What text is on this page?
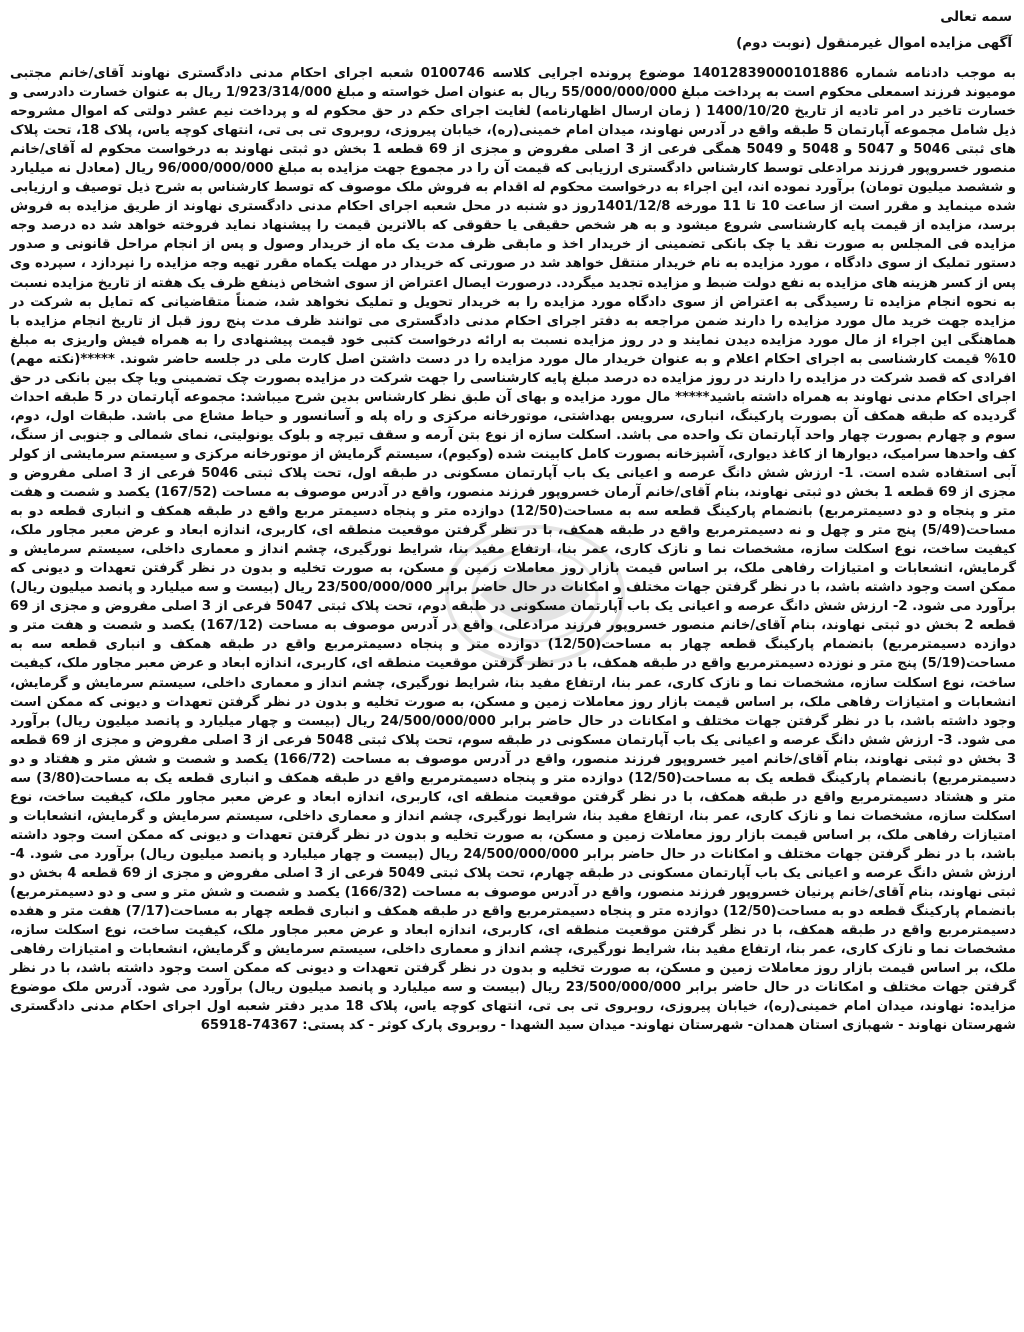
سمه تعالی
آگهی مزایده اموال غیرمنقول (نوبت دوم)

به موجب دادنامه شماره 14012839000101886 موضوع پرونده اجرایی کلاسه 0100746 شعبه اجرای احکام مدنی دادگستری نهاوند آقای/خانم مجتبی مومیوند فرزند اسمعلی محکوم است به پرداخت مبلغ 55/000/000/000 ریال به عنوان اصل خواسته و مبلغ 1/923/314/000 ریال به عنوان خسارت دادرسی و خسارت تاخیر در امر تادیه از تاریخ 1400/10/20 ( زمان ارسال اظهارنامه) لغایت اجرای حکم در حق محکوم له و پرداخت نیم عشر دولتی که اموال مشروحه ذیل شامل مجموعه آپارتمان 5 طبقه واقع در آدرس نهاوند، میدان امام خمینی(ره)، خیابان پیروزی، روبروی تی بی تی، انتهای کوچه یاس، پلاک 18، تحت پلاک های ثبتی 5046 و 5047 و 5048 و 5049 همگی فرعی از 3 اصلی مفروض و مجزی از 69 قطعه 1 بخش دو ثبتی نهاوند به درخواست محکوم له آقای/خانم منصور خسروپور فرزند مرادعلی توسط کارشناس دادگستری ارزیابی که قیمت آن را در مجموع جهت مزایده به مبلغ 96/000/000/000 ریال (معادل نه میلیارد و ششصد میلیون تومان) برآورد نموده اند، این اجراء به درخواست محکوم له اقدام به فروش ملک موصوف که توسط کارشناس به شرح ذیل توصیف و ارزیابی شده مینماید و مقرر است از ساعت 10 تا 11 مورخه 1401/12/8روز دو شنبه در محل شعبه اجرای احکام مدنی دادگستری نهاوند از طریق مزایده به فروش برسد، مزایده از قیمت پایه کارشناسی شروع میشود و به هر شخص حقیقی یا حقوقی که بالاترین قیمت را پیشنهاد نماید فروخته خواهد شد ده درصد وجه مزایده فی المجلس به صورت نقد یا چک بانکی تضمینی از خریدار اخذ و مابقی ظرف مدت یک ماه از خریدار وصول و پس از انجام مراحل قانونی و صدور دستور تملیک از سوی دادگاه ، مورد مزایده به نام خریدار منتقل خواهد شد در صورتی که خریدار در مهلت یکماه مقرر تهیه وجه مزایده را نپردازد ، سپرده وی پس از کسر هزینه های مزایده به نفع دولت ضبط و مزایده تجدید میگردد. درصورت ایصال اعتراض از سوی اشخاص ذینفع ظرف یک هفته از تاریخ مزایده نسبت به نحوه انجام مزایده تا رسیدگی به اعتراض از سوی دادگاه مورد مزایده را به خریدار تحویل و تملیک نخواهد شد، ضمناً متقاضیانی که تمایل به شرکت در مزایده جهت خرید مال مورد مزایده را دارند ضمن مراجعه به دفتر اجرای احکام مدنی دادگستری می توانند ظرف مدت پنج روز قبل از تاریخ انجام مزایده با هماهنگی این اجراء از مال مورد مزایده دیدن نمایند و در روز مزایده نسبت به ارائه درخواست کتبی خود قیمت پیشنهادی را به همراه فیش واریزی به مبلغ 10% قیمت کارشناسی به اجرای احکام اعلام و به عنوان خریدار مال مورد مزایده را در دست داشتن اصل کارت ملی در جلسه حاضر شوند. *****(نکته مهم) افرادی که قصد شرکت در مزایده را دارند در روز مزایده ده درصد مبلغ پایه کارشناسی را جهت شرکت در مزایده بصورت چک تضمینی ویا چک بین بانکی در حق اجرای احکام مدنی نهاوند به همراه داشته باشید***** مال مورد مزایده و بهای آن طبق نظر کارشناس بدین شرح میباشد: مجموعه آپارتمان در 5 طبقه احداث گردیده که طبقه همکف آن بصورت پارکینگ، انباری، سرویس بهداشتی، موتورخانه مرکزی و راه پله و آسانسور و حیاط مشاع می باشد. طبقات اول، دوم، سوم و چهارم بصورت چهار واحد آپارتمان تک واحده می باشد. اسکلت سازه از نوع بتن آرمه و سقف تیرچه و بلوک یونولیتی، نمای شمالی و جنوبی از سنگ، کف واحدها سرامیک، دیوارها از کاغذ دیواری، آشپزخانه بصورت کامل کابینت شده (وکیوم)، سیستم گرمایش از موتورخانه مرکزی و سیستم سرمایشی از کولر آبی استفاده شده است. 1- ارزش شش دانگ عرصه و اعیانی یک باب آپارتمان مسکونی در طبقه اول، تحت پلاک ثبتی 5046 فرعی از 3 اصلی مفروض و مجزی از 69 قطعه 1 بخش دو ثبتی نهاوند، بنام آقای/خانم آرمان خسروپور فرزند منصور، واقع در آدرس موصوف به مساحت (167/52) یکصد و شصت و هفت متر و پنجاه و دو دسیمترمربع) بانضمام پارکینگ قطعه سه به مساحت(12/50) دوازده متر و پنجاه دسیمتر مربع واقع در طبقه همکف و انباری قطعه دو به مساحت(5/49) پنج متر و چهل و نه دسیمترمربع واقع در طبقه همکف، با در نظر گرفتن موقعیت منطقه ای، کاربری، اندازه ابعاد و عرض معبر مجاور ملک، کیفیت ساخت، نوع اسکلت سازه، مشخصات نما و نازک کاری، عمر بنا، ارتفاع مفید بنا، شرایط نورگیری، چشم انداز و معماری داخلی، سیستم سرمایش و گرمایش، انشعابات و امتیازات رفاهی ملک، بر اساس قیمت بازار روز معاملات زمین و مسکن، به صورت تخلیه و بدون در نظر گرفتن تعهدات و دیونی که ممکن است وجود داشته باشد، با در نظر گرفتن جهات مختلف و امکانات در حال حاضر برابر 23/500/000/000 ریال (بیست و سه میلیارد و پانصد میلیون ریال) برآورد می شود. 2- ارزش شش دانگ عرصه و اعیانی یک باب آپارتمان مسکونی در طبقه دوم، تحت پلاک ثبتی 5047 فرعی از 3 اصلی مفروض و مجزی از 69 قطعه 2 بخش دو ثبتی نهاوند، بنام آقای/خانم منصور خسروپور فرزند مرادعلی، واقع در آدرس موصوف به مساحت (167/12) یکصد و شصت و هفت متر و دوازده دسیمترمربع) بانضمام پارکینگ قطعه چهار به مساحت(12/50) دوازده متر و پنجاه دسیمترمربع واقع در طبقه همکف و انباری قطعه سه به مساحت(5/19) پنج متر و نوزده دسیمترمربع واقع در طبقه همکف، با در نظر گرفتن موقعیت منطقه ای، کاربری، اندازه ابعاد و عرض معبر مجاور ملک، کیفیت ساخت، نوع اسکلت سازه، مشخصات نما و نازک کاری، عمر بنا، ارتفاع مفید بنا، شرایط نورگیری، چشم انداز و معماری داخلی، سیستم سرمایش و گرمایش، انشعابات و امتیازات رفاهی ملک، بر اساس قیمت بازار روز معاملات زمین و مسکن، به صورت تخلیه و بدون در نظر گرفتن تعهدات و دیونی که ممکن است وجود داشته باشد، با در نظر گرفتن جهات مختلف و امکانات در حال حاضر برابر 24/500/000/000 ریال (بیست و چهار میلیارد و پانصد میلیون ریال) برآورد می شود. 3- ارزش شش دانگ عرصه و اعیانی یک باب آپارتمان مسکونی در طبقه سوم، تحت پلاک ثبتی 5048 فرعی از 3 اصلی مفروض و مجزی از 69 قطعه 3 بخش دو ثبتی نهاوند، بنام آقای/خانم امیر خسروپور فرزند منصور، واقع در آدرس موصوف به مساحت (166/72) یکصد و شصت و شش متر و هفتاد و دو دسیمترمربع) بانضمام پارکینگ قطعه یک به مساحت(12/50) دوازده متر و پنجاه دسیمترمربع واقع در طبقه همکف و انباری قطعه یک به مساحت(3/80) سه متر و هشتاد دسیمترمربع واقع در طبقه همکف، با در نظر گرفتن موقعیت منطقه ای، کاربری، اندازه ابعاد و عرض معبر مجاور ملک، کیفیت ساخت، نوع اسکلت سازه، مشخصات نما و نازک کاری، عمر بنا، ارتفاع مفید بنا، شرایط نورگیری، چشم انداز و معماری داخلی، سیستم سرمایش و گرمایش، انشعابات و امتیازات رفاهی ملک، بر اساس قیمت بازار روز معاملات زمین و مسکن، به صورت تخلیه و بدون در نظر گرفتن تعهدات و دیونی که ممکن است وجود داشته باشد، با در نظر گرفتن جهات مختلف و امکانات در حال حاضر برابر 24/500/000/000 ریال (بیست و چهار میلیارد و پانصد میلیون ریال) برآورد می شود. 4- ارزش شش دانگ عرصه و اعیانی یک باب آپارتمان مسکونی در طبقه چهارم، تحت پلاک ثبتی 5049 فرعی از 3 اصلی مفروض و مجزی از 69 قطعه 4 بخش دو ثبتی نهاوند، بنام آقای/خانم پرنیان خسروپور فرزند منصور، واقع در آدرس موصوف به مساحت (166/32) یکصد و شصت و شش متر و سی و دو دسیمترمربع) بانضمام پارکینگ قطعه دو به مساحت(12/50) دوازده متر و پنجاه دسیمترمربع واقع در طبقه همکف و انباری قطعه چهار به مساحت(7/17) هفت متر و هفده دسیمترمربع واقع در طبقه همکف، با در نظر گرفتن موقعیت منطقه ای، کاربری، اندازه ابعاد و عرض معبر مجاور ملک، کیفیت ساخت، نوع اسکلت سازه، مشخصات نما و نازک کاری، عمر بنا، ارتفاع مفید بنا، شرایط نورگیری، چشم انداز و معماری داخلی، سیستم سرمایش و گرمایش، انشعابات و امتیازات رفاهی ملک، بر اساس قیمت بازار روز معاملات زمین و مسکن، به صورت تخلیه و بدون در نظر گرفتن تعهدات و دیونی که ممکن است وجود داشته باشد، با در نظر گرفتن جهات مختلف و امکانات در حال حاضر برابر 23/500/000/000 ریال (بیست و سه میلیارد و پانصد میلیون ریال) برآورد می شود. آدرس ملک موضوع مزایده: نهاوند، میدان امام خمینی(ره)، خیابان پیروزی، روبروی تی بی تی، انتهای کوچه یاس، پلاک 18 مدیر دفتر شعبه اول اجرای احکام مدنی دادگستری شهرستان نهاوند - شهبازی استان همدان- شهرستان نهاوند- میدان سید الشهدا - روبروی پارک کوثر - کد پستی: 74367-65918
